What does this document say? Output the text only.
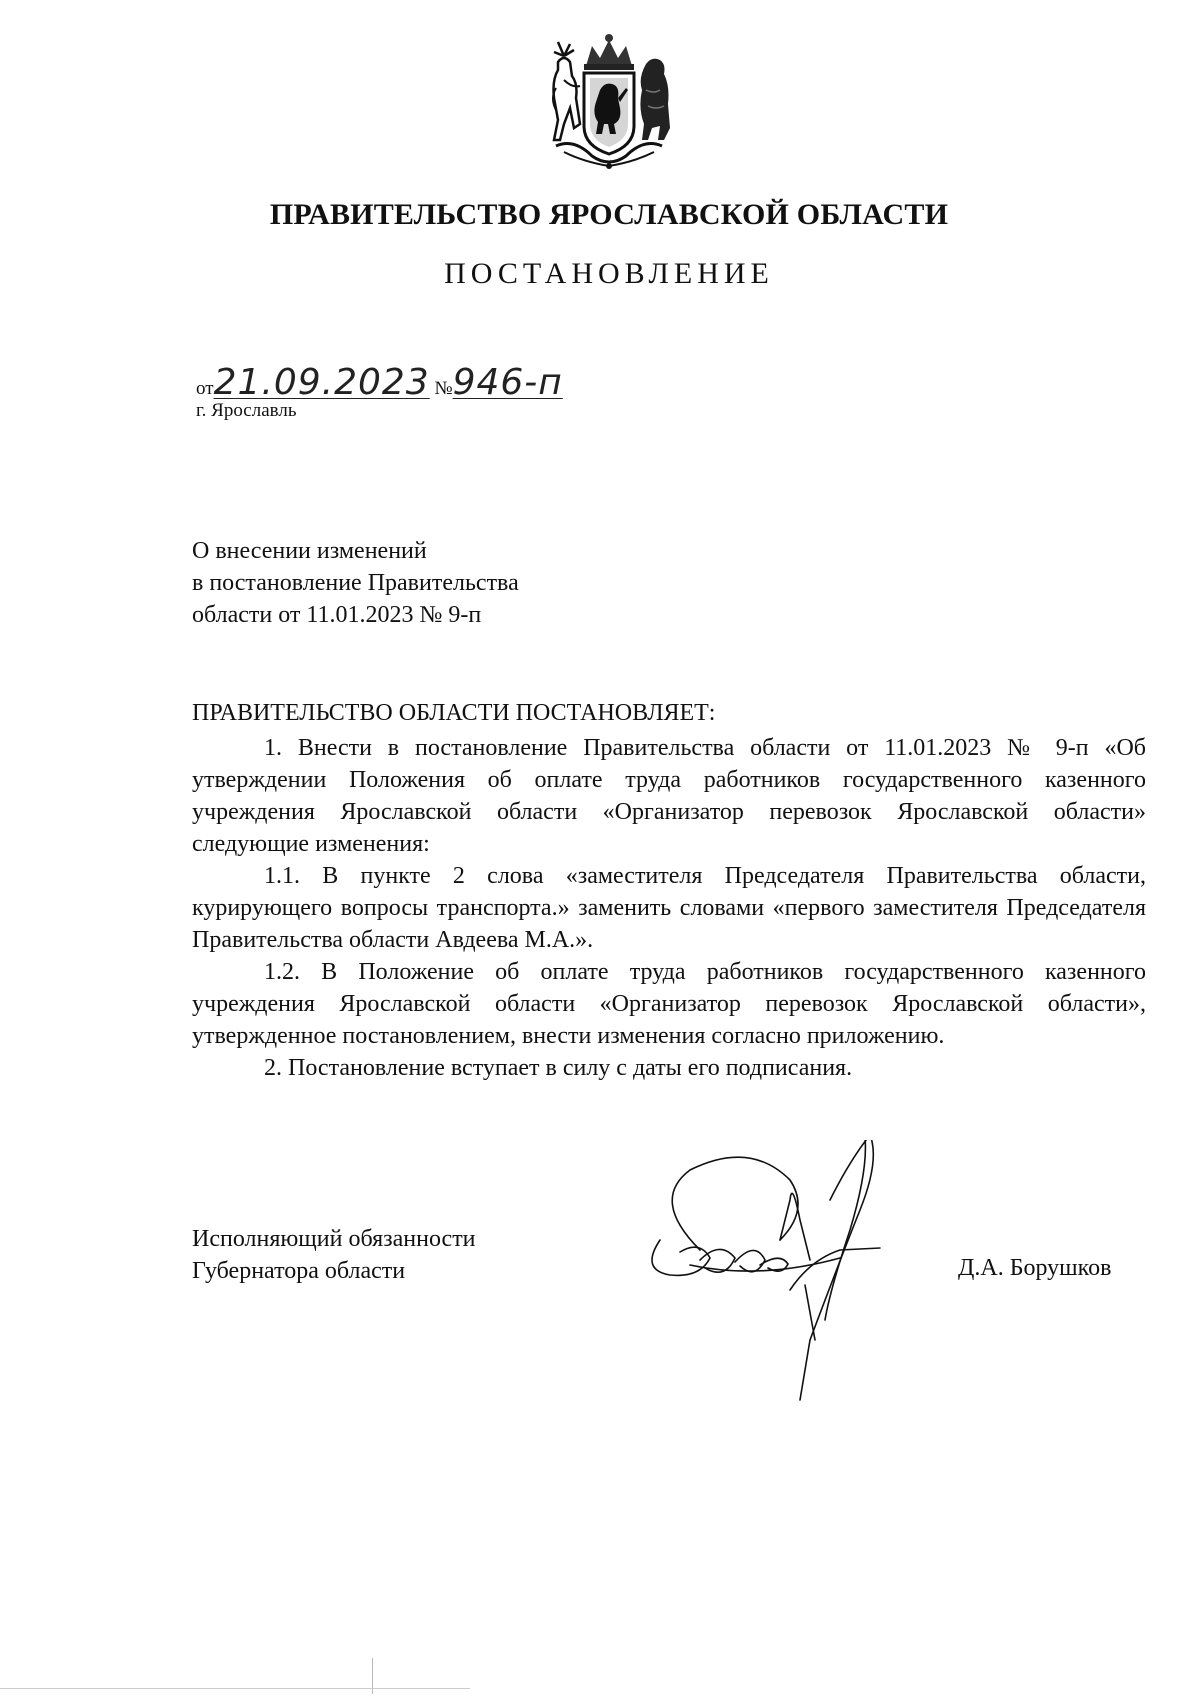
ПРАВИТЕЛЬСТВО ЯРОСЛАВСКОЙ ОБЛАСТИ
ПОСТАНОВЛЕНИЕ
от21.09.2023 №946-п
г. Ярославль
О внесении изменений
в постановление Правительства
области от 11.01.2023 № 9-п
ПРАВИТЕЛЬСТВО ОБЛАСТИ ПОСТАНОВЛЯЕТ:

1. Внести в постановление Правительства области от 11.01.2023 № 9-п «Об утверждении Положения об оплате труда работников государственного казенного учреждения Ярославской области «Организатор перевозок Ярославской области» следующие изменения:

1.1. В пункте 2 слова «заместителя Председателя Правительства области, курирующего вопросы транспорта.» заменить словами «первого заместителя Председателя Правительства области Авдеева М.А.».

1.2. В Положение об оплате труда работников государственного казенного учреждения Ярославской области «Организатор перевозок Ярославской области», утвержденное постановлением, внести изменения согласно приложению.

2. Постановление вступает в силу с даты его подписания.

Исполняющий обязанности
Губернатора области	Д.А. Борушков
